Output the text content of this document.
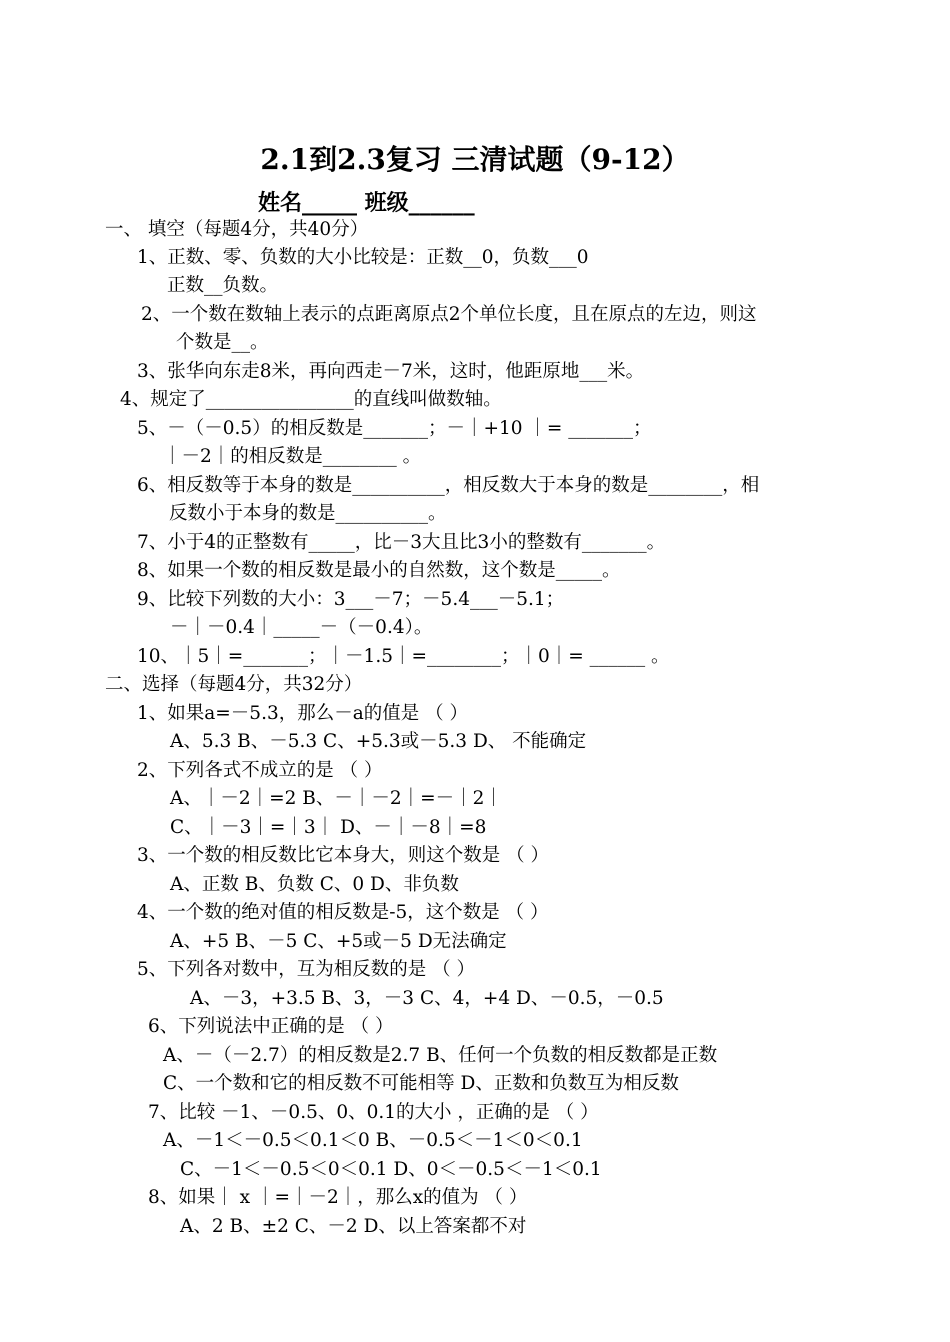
2.1到2.3复习 三清试题（9-12）
姓名_____ 班级______
一、 填空（每题4分，共40分）
1、正数、零、负数的大小比较是：正数__0，负数___0
正数__负数。
2、一个数在数轴上表示的点距离原点2个单位长度，且在原点的左边，则这
个数是__。
3、张华向东走8米，再向西走－7米，这时，他距原地___米。
4、规定了________________的直线叫做数轴。
5、－（－0.5）的相反数是_______；－｜+10 ｜= _______；
｜－2｜的相反数是________ 。
6、相反数等于本身的数是__________，相反数大于本身的数是________，相
反数小于本身的数是__________。
7、小于4的正整数有_____，比－3大且比3小的整数有_______。
8、如果一个数的相反数是最小的自然数，这个数是_____。
9、比较下列数的大小：3___－7；－5.4___－5.1；
－｜－0.4｜_____－（－0.4）。
10、｜5｜=_______；｜－1.5｜=________；｜0｜= ______ 。
二、选择（每题4分，共32分）
1、如果a=－5.3，那么－a的值是 （ ）
A、5.3 B、－5.3 C、+5.3或－5.3 D、 不能确定
2、下列各式不成立的是 （ ）
A、｜－2｜=2 B、－｜－2｜=－｜2｜
C、｜－3｜=｜3｜ D、－｜－8｜=8
3、一个数的相反数比它本身大，则这个数是 （ ）
A、正数 B、负数 C、0 D、非负数
4、一个数的绝对值的相反数是-5，这个数是 （ ）
A、+5 B、－5 C、+5或－5 D无法确定
5、下列各对数中，互为相反数的是 （ ）
A、－3，+3.5 B、3，－3 C、4，+4 D、－0.5，－0.5
6、下列说法中正确的是 （ ）
A、－（－2.7）的相反数是2.7 B、任何一个负数的相反数都是正数
C、一个数和它的相反数不可能相等 D、正数和负数互为相反数
7、比较 －1、－0.5、0、0.1的大小 ，正确的是 （ ）
A、－1＜－0.5＜0.1＜0 B、－0.5＜－1＜0＜0.1
C、－1＜－0.5＜0＜0.1 D、0＜－0.5＜－1＜0.1
8、如果｜ x ｜=｜－2｜，那么x的值为 （ ）
A、2 B、±2 C、－2 D、以上答案都不对
